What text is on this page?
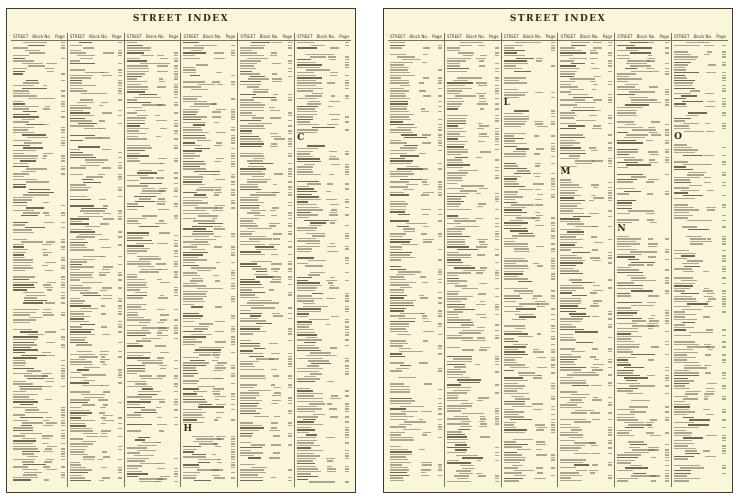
STREET INDEX
STREET Block No. Page STREET Block No. Page STREET Block No. Page STREET Block No. Page
H
STREET Block No. Page STREET Block No. Page
C
STREET INDEX
STREET Block No. Page STREET Block No. Page STREET Block No. Page
L
STREET Block No. Page
M
STREET Block No. Page
N
STREET Block No. Page
O
